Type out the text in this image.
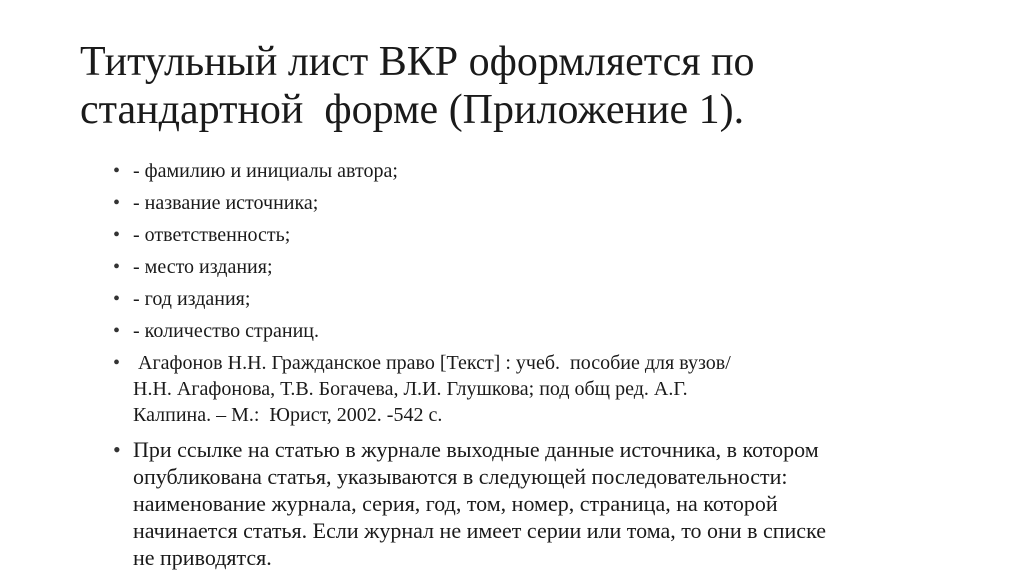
Титульный лист ВКР оформляется по
стандартной  форме (Приложение 1).
• - фамилию и инициалы автора;
• - название источника;
• - ответственность;
• - место издания;
• - год издания;
• - количество страниц.
• Агафонов Н.Н. Гражданское право [Текст] : учеб.  пособие для вузов/
Н.Н. Агафонова, Т.В. Богачева, Л.И. Глушкова; под общ ред. А.Г.
Калпина. – М.:  Юрист, 2002. -542 с.
• При ссылке на статью в журнале выходные данные источника, в котором
опубликована статья, указываются в следующей последовательности:
наименование журнала, серия, год, том, номер, страница, на которой
начинается статья. Если журнал не имеет серии или тома, то они в списке
не приводятся.
